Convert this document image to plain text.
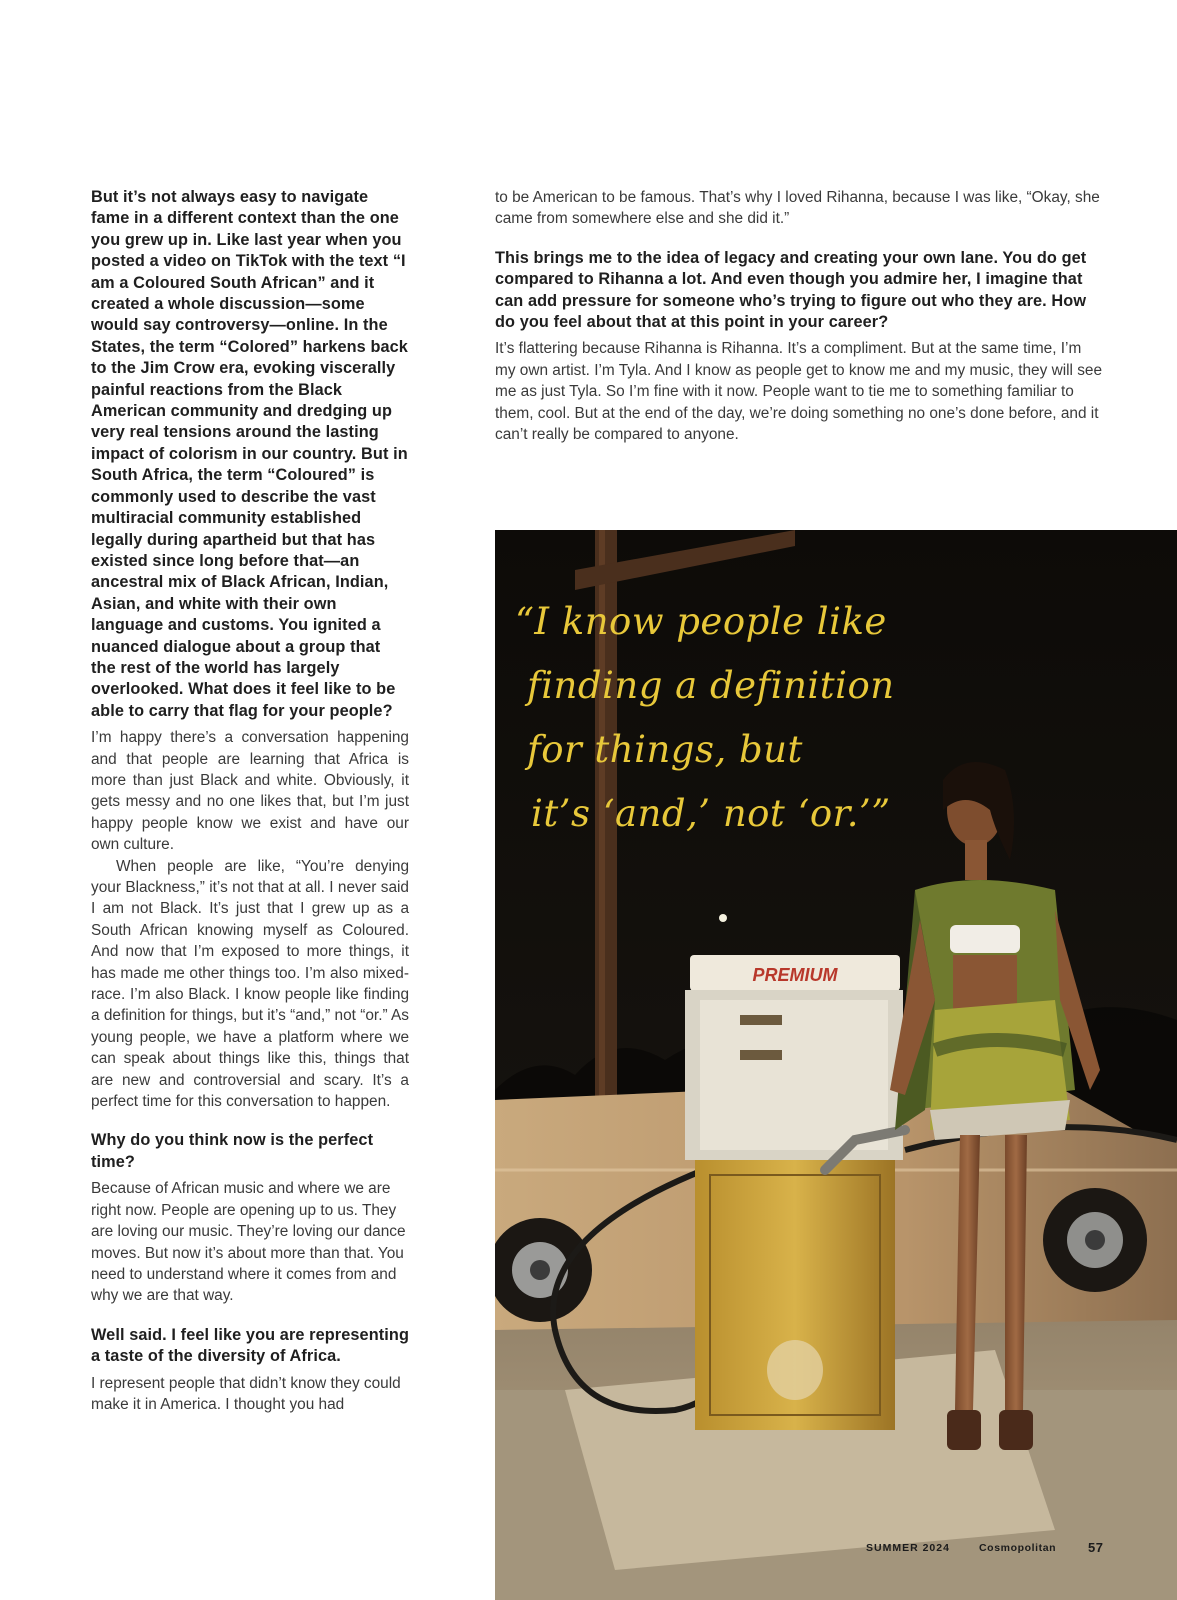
But it’s not always easy to navigate fame in a different context than the one you grew up in. Like last year when you posted a video on TikTok with the text “I am a Coloured South African” and it created a whole discussion—some would say controversy—online. In the States, the term “Colored” harkens back to the Jim Crow era, evoking viscerally painful reactions from the Black American community and dredging up very real tensions around the lasting impact of colorism in our country. But in South Africa, the term “Coloured” is commonly used to describe the vast multiracial community established legally during apartheid but that has existed since long before that—an ancestral mix of Black African, Indian, Asian, and white with their own language and customs. You ignited a nuanced dialogue about a group that the rest of the world has largely overlooked. What does it feel like to be able to carry that flag for your people?

I’m happy there’s a conversation happening and that people are learning that Africa is more than just Black and white. Obviously, it gets messy and no one likes that, but I’m just happy people know we exist and have our own culture.

When people are like, “You’re denying your Blackness,” it’s not that at all. I never said I am not Black. It’s just that I grew up as a South African knowing myself as Coloured. And now that I’m exposed to more things, it has made me other things too. I’m also mixed-race. I’m also Black. I know people like finding a definition for things, but it’s “and,” not “or.” As young people, we have a platform where we can speak about things like this, things that are new and controversial and scary. It’s a perfect time for this conversation to happen.

Why do you think now is the perfect time?

Because of African music and where we are right now. People are opening up to us. They are loving our music. They’re loving our dance moves. But now it’s about more than that. You need to understand where it comes from and why we are that way.

Well said. I feel like you are representing a taste of the diversity of Africa.

I represent people that didn’t know they could make it in America. I thought you had

to be American to be famous. That’s why I loved Rihanna, because I was like, “Okay, she came from somewhere else and she did it.”

This brings me to the idea of legacy and creating your own lane. You do get compared to Rihanna a lot. And even though you admire her, I imagine that can add pressure for someone who’s trying to figure out who they are. How do you feel about that at this point in your career?

It’s flattering because Rihanna is Rihanna. It’s a compliment. But at the same time, I’m my own artist. I’m Tyla. And I know as people get to know me and my music, they will see me as just Tyla. So I’m fine with it now. People want to tie me to something familiar to them, cool. But at the end of the day, we’re doing something no one’s done before, and it can’t really be compared to anyone.

PREMIUM
“I know people like
finding a definition
for things, but
it’s ‘and,’ not ‘or.’”
SUMMER 2024	Cosmopolitan 57
